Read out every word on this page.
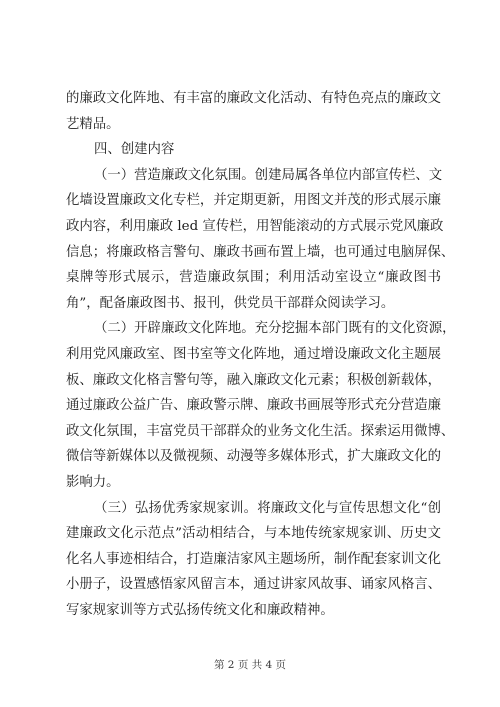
的廉政文化阵地、有丰富的廉政文化活动、有特色亮点的廉政文
艺精品。
四、创建内容
（一）营造廉政文化氛围。创建局属各单位内部宣传栏、文
化墙设置廉政文化专栏，并定期更新，用图文并茂的形式展示廉
政内容，利用廉政 led 宣传栏，用智能滚动的方式展示党风廉政
信息；将廉政格言警句、廉政书画布置上墙，也可通过电脑屏保、
桌牌等形式展示，营造廉政氛围；利用活动室设立“廉政图书
角”，配备廉政图书、报刊，供党员干部群众阅读学习。
（二）开辟廉政文化阵地。充分挖掘本部门既有的文化资源，
利用党风廉政室、图书室等文化阵地，通过增设廉政文化主题展
板、廉政文化格言警句等，融入廉政文化元素；积极创新载体，
通过廉政公益广告、廉政警示牌、廉政书画展等形式充分营造廉
政文化氛围，丰富党员干部群众的业务文化生活。探索运用微博、
微信等新媒体以及微视频、动漫等多媒体形式，扩大廉政文化的
影响力。
（三）弘扬优秀家规家训。将廉政文化与宣传思想文化“创
建廉政文化示范点”活动相结合，与本地传统家规家训、历史文
化名人事迹相结合，打造廉洁家风主题场所，制作配套家训文化
小册子，设置感悟家风留言本，通过讲家风故事、诵家风格言、
写家规家训等方式弘扬传统文化和廉政精神。
第 2 页 共 4 页
